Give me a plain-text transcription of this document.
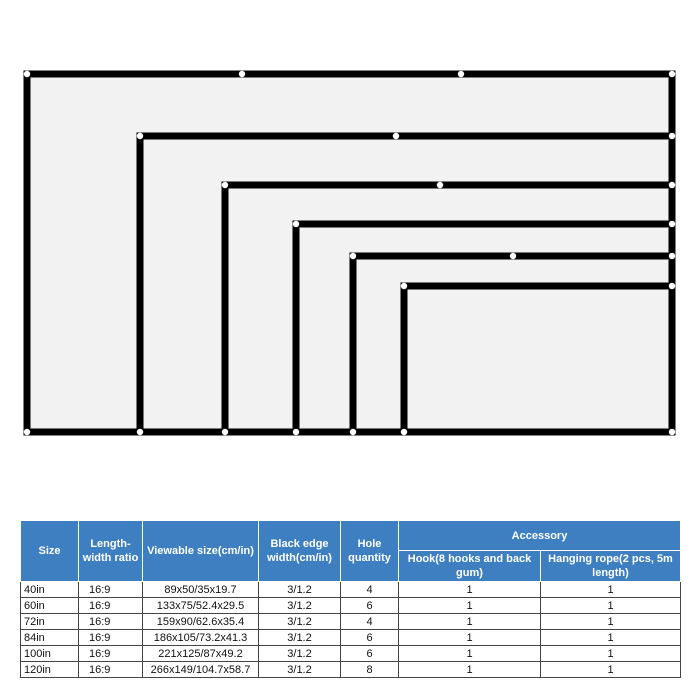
Size	Length-width ratio	Viewable size(cm/in)	Black edge width(cm/in)	Hole quantity	Accessory	
					Hook(8 hooks and back gum)	Hanging rope(2 pcs, 5m length)
40in	16:9	89x50/35x19.7	3/1.2	4	1	1
60in	16:9	133x75/52.4x29.5	3/1.2	6	1	1
72in	16:9	159x90/62.6x35.4	3/1.2	4	1	1
84in	16:9	186x105/73.2x41.3	3/1.2	6	1	1
100in	16:9	221x125/87x49.2	3/1.2	6	1	1
120in	16:9	266x149/104.7x58.7	3/1.2	8	1	1
